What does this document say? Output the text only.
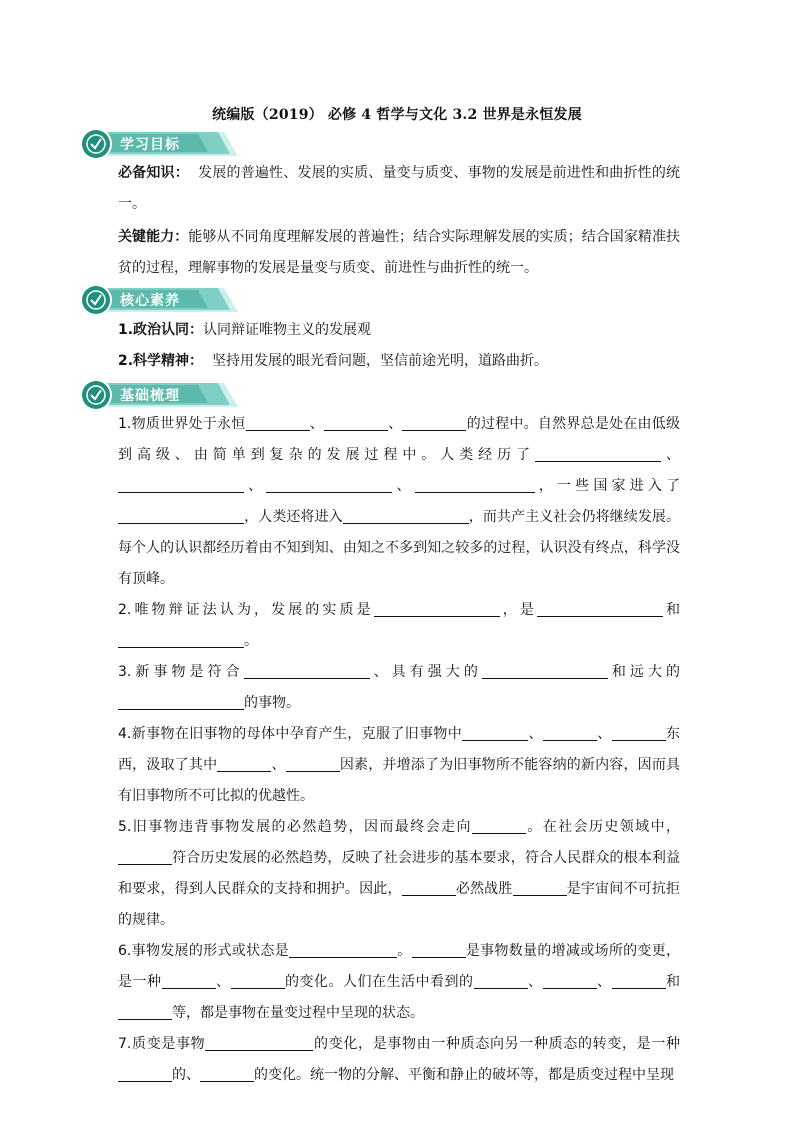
统编版（2019） 必修 4 哲学与文化 3.2 世界是永恒发展
学习目标

必备知识： 发展的普遍性、发展的实质、量变与质变、事物的发展是前进性和曲折性的统一。

关键能力：能够从不同角度理解发展的普遍性；结合实际理解发展的实质；结合国家精准扶贫的过程，理解事物的发展是量变与质变、前进性与曲折性的统一。

核心素养

1.政治认同：认同辩证唯物主义的发展观

2.科学精神： 坚持用发展的眼光看问题，坚信前途光明，道路曲折。

基础梳理

1.物质世界处于永恒	、	、	的过程中。自然界总是处在由低级到高级、由简单到复杂的发展过程中。人类经历了	、、	、	，一些国家进入了，人类还将进入	，而共产主义社会仍将继续发展。每个人的认识都经历着由不知到知、由知之不多到知之较多的过程，认识没有终点，科学没有顶峰。

2.唯物辩证法认为，发展的实质是	，是	和。

3.新事物是符合	、具有强大的	和远大的的事物。

4.新事物在旧事物的母体中孕育产生，克服了旧事物中	、	、	东西，汲取了其中	、	因素，并增添了为旧事物所不能容纳的新内容，因而具有旧事物所不可比拟的优越性。

5.旧事物违背事物发展的必然趋势，因而最终会走向	。在社会历史领域中，符合历史发展的必然趋势，反映了社会进步的基本要求，符合人民群众的根本利益和要求，得到人民群众的支持和拥护。因此，	必然战胜	是宇宙间不可抗拒的规律。

6.事物发展的形式或状态是	。	是事物数量的增减或场所的变更，是一种	、	的变化。人们在生活中看到的	、	、	和等，都是事物在量变过程中呈现的状态。

7.质变是事物	的变化，是事物由一种质态向另一种质态的转变，是一种的、	的变化。统一物的分解、平衡和静止的破坏等，都是质变过程中呈现
